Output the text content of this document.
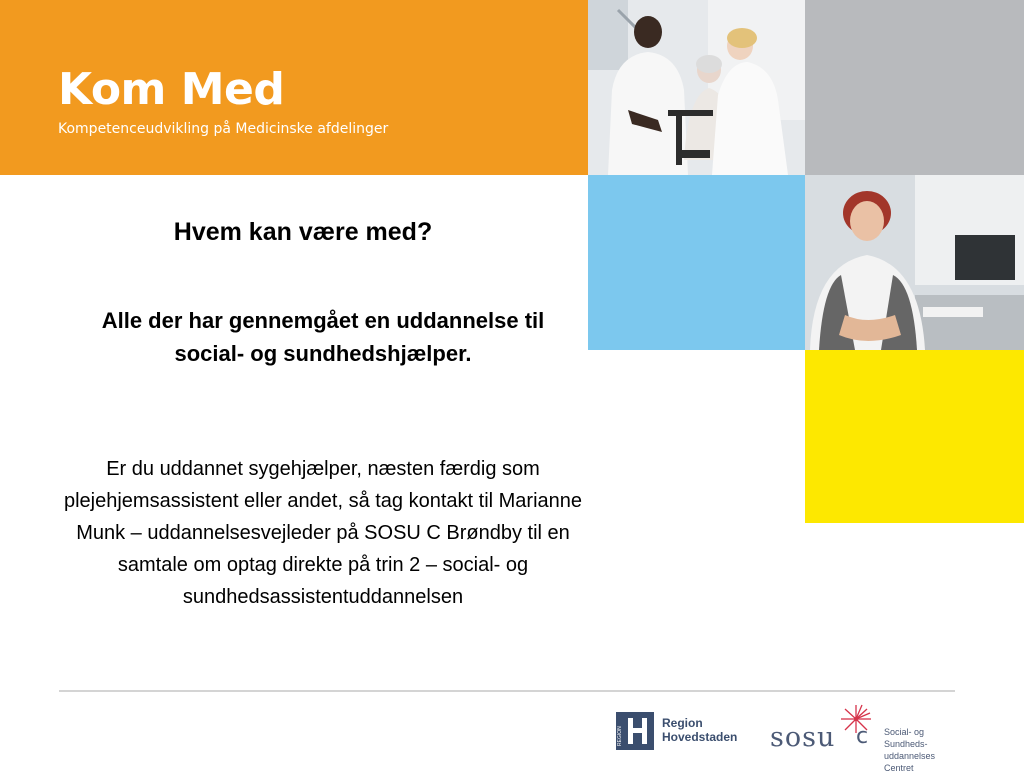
Kom Med
Kompetenceudvikling på Medicinske afdelinger
Hvem kan være med?

Alle der har gennemgået en uddannelse til social- og sundhedshjælper.

Er du uddannet sygehjælper, næsten færdig som plejehjemsassistent eller andet, så tag kontakt til Marianne Munk – uddannelsesvejleder på SOSU C Brøndby til en samtale om optag direkte på trin 2 – social- og sundhedsassistentuddannelsen

REGION
Region
Hovedstaden sosu c Social- og Sundheds-
uddannelses Centret
